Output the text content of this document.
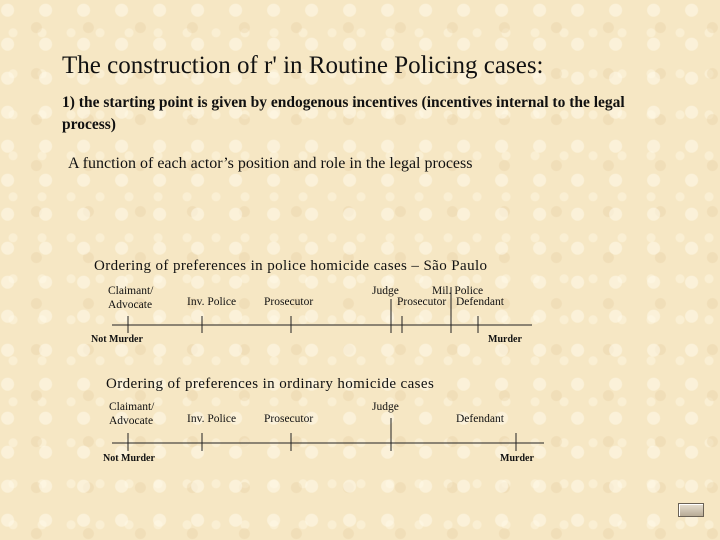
The construction of r' in Routine Policing cases:
1) the starting point is given by endogenous incentives (incentives internal to the legal process)
A function of each actor’s position and role in the legal process
Ordering of preferences in police homicide cases – São Paulo
Claimant/
Advocate	Inv. Police Prosecutor
Judge	Mil. Police
Prosecutor Defendant
Not Murder	Murder
Ordering of preferences in ordinary homicide cases
Claimant/
Advocate	Inv. Police Prosecutor
Judge
Defendant
Not Murder	Murder
